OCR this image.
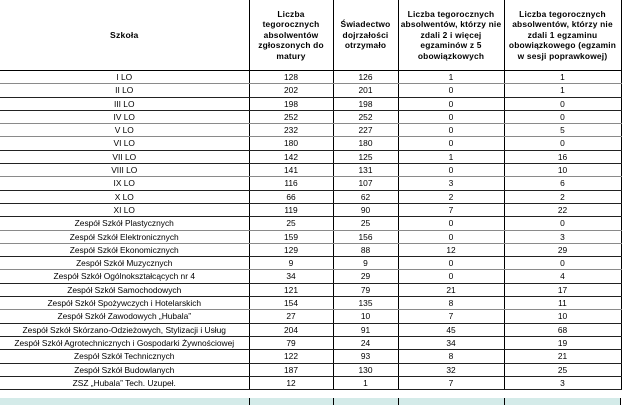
Szkoła	Liczba tegorocznych absolwentów zgłoszonych do matury	Świadectwo dojrzałości otrzymało	Liczba tegorocznych absolwentów, którzy nie zdali 2 i więcej egzaminów z 5 obowiązkowych	Liczba tegorocznych absolwentów, którzy nie zdali 1 egzaminu obowiązkowego (egzamin w sesji poprawkowej)
I LO	128	126	1	1
II LO	202	201	0	1
III LO	198	198	0	0
IV LO	252	252	0	0
V LO	232	227	0	5
VI LO	180	180	0	0
VII LO	142	125	1	16
VIII LO	141	131	0	10
IX LO	116	107	3	6
X LO	66	62	2	2
XI LO	119	90	7	22
Zespół Szkół Plastycznych	25	25	0	0
Zespół Szkół Elektronicznych	159	156	0	3
Zespół Szkół Ekonomicznych	129	88	12	29
Zespół Szkół Muzycznych	9	9	0	0
Zespół Szkół Ogólnokształcących nr 4	34	29	0	4
Zespół Szkół Samochodowych	121	79	21	17
Zespół Szkół Spożywczych i Hotelarskich	154	135	8	11
Zespół Szkół Zawodowych „Hubala”	27	10	7	10
Zespół Szkół Skórzano-Odzieżowych, Stylizacji i Usług	204	91	45	68
Zespół Szkół Agrotechnicznych i Gospodarki Żywnościowej	79	24	34	19
Zespół Szkół Technicznych	122	93	8	21
Zespół Szkół Budowlanych	187	130	32	25
ZSZ „Hubala” Tech. Uzupeł.	12	1	7	3
